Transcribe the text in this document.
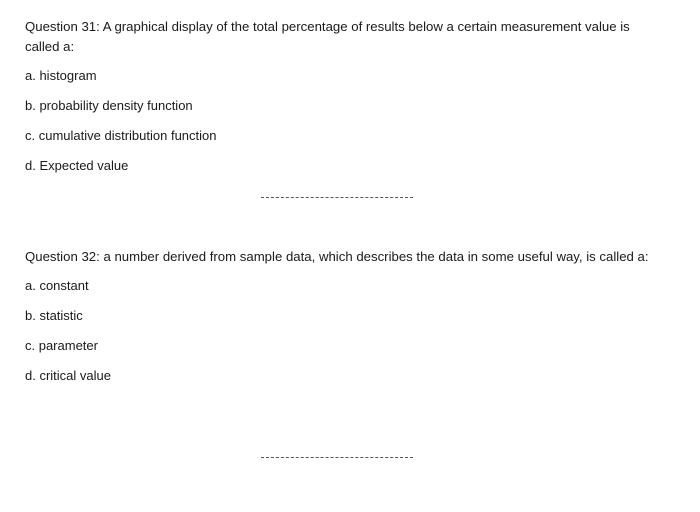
Question 31: A graphical display of the total percentage of results below a certain measurement value is called a:

a. histogram
b. probability density function
c. cumulative distribution function
d. Expected value

Question 32: a number derived from sample data, which describes the data in some useful way, is called a:

a. constant
b. statistic
c. parameter
d. critical value
